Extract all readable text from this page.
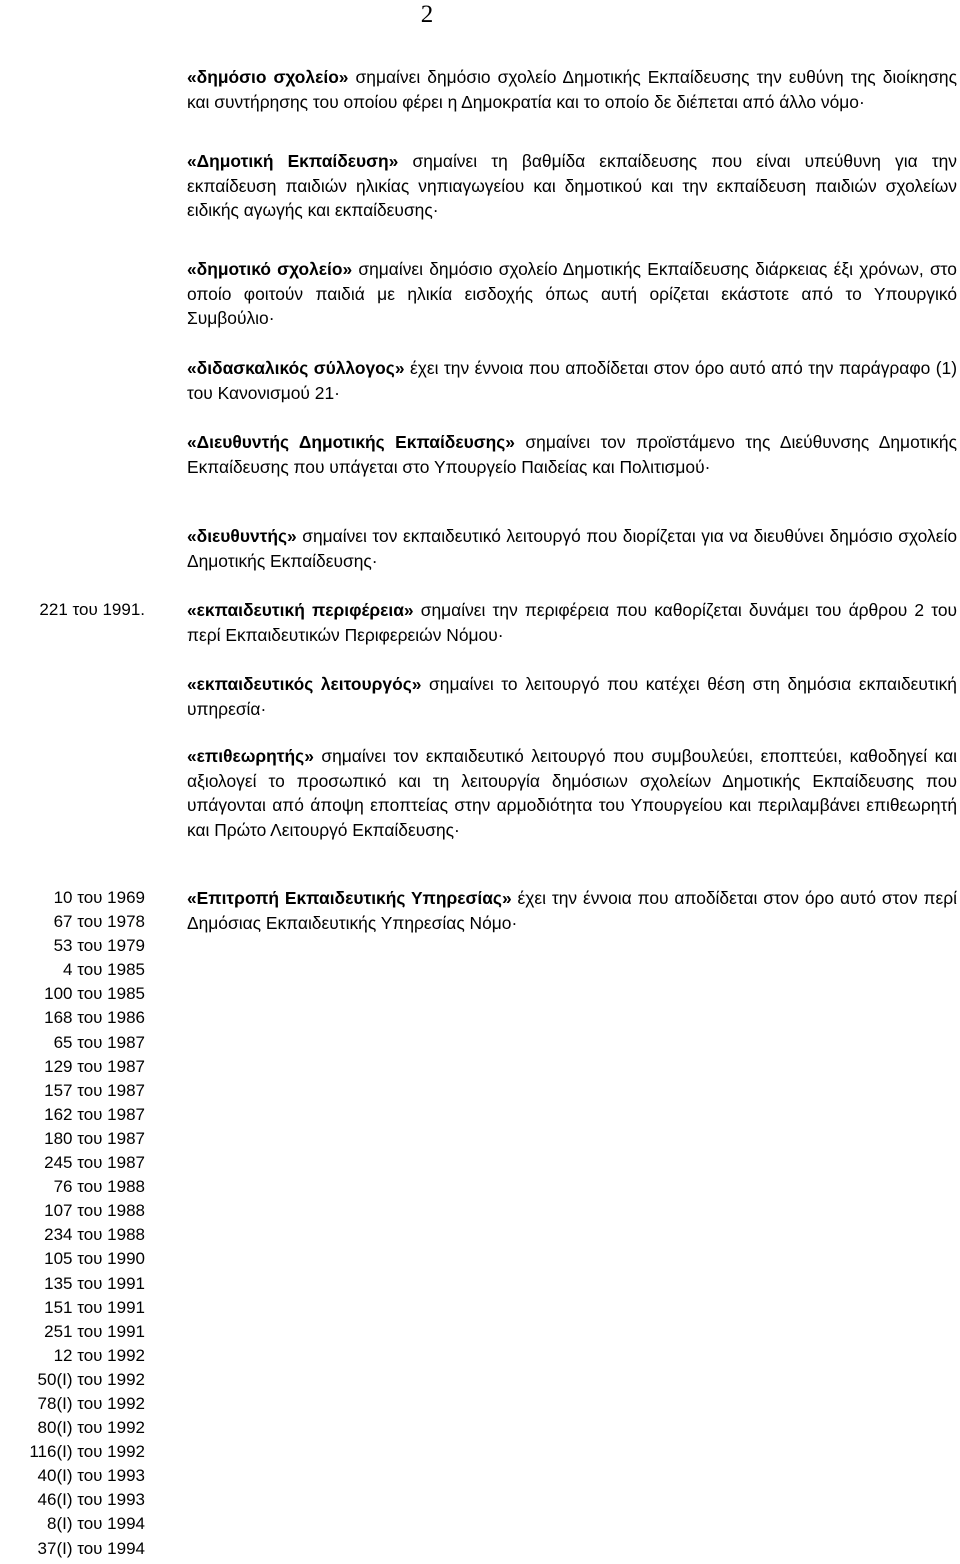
2

«δημόσιο σχολείο» σημαίνει δημόσιο σχολείο Δημοτικής Εκπαίδευσης την ευθύνη της διοίκησης και συντήρησης του οποίου φέρει η Δημοκρατία και το οποίο δε διέπεται από άλλο νόμο·

«Δημοτική Εκπαίδευση» σημαίνει τη βαθμίδα εκπαίδευσης που είναι υπεύθυνη για την εκπαίδευση παιδιών ηλικίας νηπιαγωγείου και δημοτικού και την εκπαίδευση παιδιών σχολείων ειδικής αγωγής και εκπαίδευσης·

«δημοτικό σχολείο» σημαίνει δημόσιο σχολείο Δημοτικής Εκπαίδευσης διάρκειας έξι χρόνων, στο οποίο φοιτούν παιδιά με ηλικία εισδοχής όπως αυτή ορίζεται εκάστοτε από το Υπουργικό Συμβούλιο·

«διδασκαλικός σύλλογος» έχει την έννοια που αποδίδεται στον όρο αυτό από την παράγραφο (1) του Κανονισμού 21·

«Διευθυντής Δημοτικής Εκπαίδευσης» σημαίνει τον προϊστάμενο της Διεύθυνσης Δημοτικής Εκπαίδευσης που υπάγεται στο Υπουργείο Παιδείας και Πολιτισμού·

«διευθυντής» σημαίνει τον εκπαιδευτικό λειτουργό που διορίζεται για να διευθύνει δημόσιο σχολείο Δημοτικής Εκπαίδευσης·

221 του 1991. «εκπαιδευτική περιφέρεια» σημαίνει την περιφέρεια που καθορίζεται δυνάμει του άρθρου 2 του περί Εκπαιδευτικών Περιφερειών Νόμου·

«εκπαιδευτικός λειτουργός» σημαίνει το λειτουργό που κατέχει θέση στη δημόσια εκπαιδευτική υπηρεσία·

«επιθεωρητής» σημαίνει τον εκπαιδευτικό λειτουργό που συμβουλεύει, εποπτεύει, καθοδηγεί και αξιολογεί το προσωπικό και τη λειτουργία δημόσιων σχολείων Δημοτικής Εκπαίδευσης που υπάγονται από άποψη εποπτείας στην αρμοδιότητα του Υπουργείου και περιλαμβάνει επιθεωρητή και Πρώτο Λειτουργό Εκπαίδευσης·

«Επιτροπή Εκπαιδευτικής Υπηρεσίας» έχει την έννοια που αποδίδεται στον όρο αυτό στον περί Δημόσιας Εκπαιδευτικής Υπηρεσίας Νόμο·

10 του 1969
67 του 1978
53 του 1979
4 του 1985
100 του 1985
168 του 1986
65 του 1987
129 του 1987
157 του 1987
162 του 1987
180 του 1987
245 του 1987
76 του 1988
107 του 1988
234 του 1988
105 του 1990
135 του 1991
151 του 1991
251 του 1991
12 του 1992
50(Ι) του 1992
78(Ι) του 1992
80(Ι) του 1992
116(Ι) του 1992
40(Ι) του 1993
46(Ι) του 1993
8(Ι) του 1994
37(Ι) του 1994
